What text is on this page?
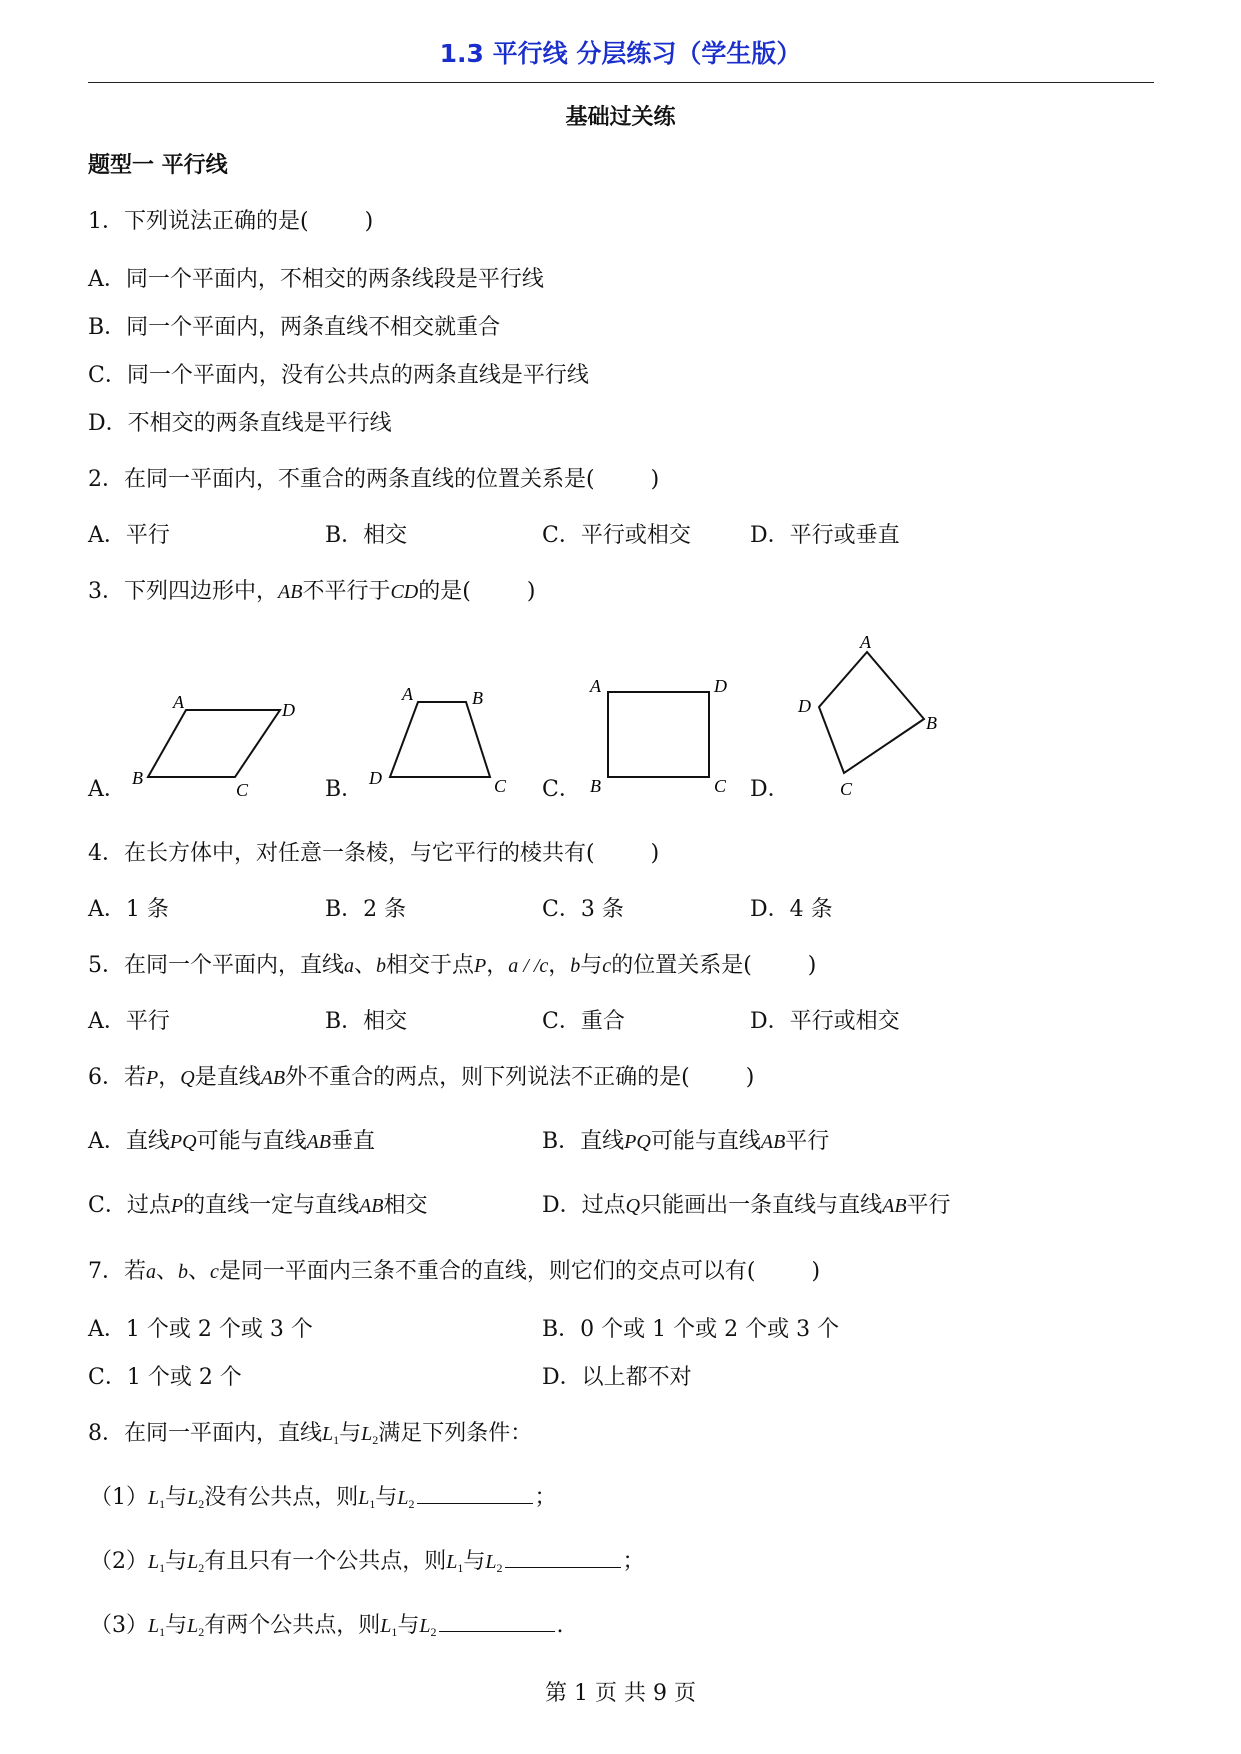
1.3 平行线 分层练习（学生版）
基础过关练
题型一 平行线
1．下列说法正确的是(	)
A．同一个平面内，不相交的两条线段是平行线
B．同一个平面内，两条直线不相交就重合
C．同一个平面内，没有公共点的两条直线是平行线
D．不相交的两条直线是平行线
2．在同一平面内，不重合的两条直线的位置关系是(	)
A．平行	B．相交	C．平行或相交	D．平行或垂直
3．下列四边形中，AB不平行于CD的是(	)
A．	B．	C．	D．
A	D
B
C
A	B
D	C
A	D
B	C
A
D
B
C
4．在长方体中，对任意一条棱，与它平行的棱共有(	)
A．1 条	B．2 条	C．3 条	D．4 条
5．在同一个平面内，直线a、b相交于点P，a / /c，b与c的位置关系是(	)
A．平行	B．相交	C．重合	D．平行或相交
6．若P，Q是直线AB外不重合的两点，则下列说法不正确的是(	)
A．直线PQ可能与直线AB垂直	B．直线PQ可能与直线AB平行
C．过点P的直线一定与直线AB相交	D．过点Q只能画出一条直线与直线AB平行
7．若a、b、c是同一平面内三条不重合的直线，则它们的交点可以有(	)
A．1 个或 2 个或 3 个	B．0 个或 1 个或 2 个或 3 个
C．1 个或 2 个	D．以上都不对
8．在同一平面内，直线$L_1$与$L_2$满足下列条件：
$(1)L_1$与$L_2$没有公共点，则$L_1$与$L_2$	；
$(2)L_1$与$L_2$有且只有一个公共点，则$L_1$与$L_2$	；
$(3)L_1$与$L_2$有两个公共点，则$L_1$与$L_2$	.
第 1 页 共 9 页
